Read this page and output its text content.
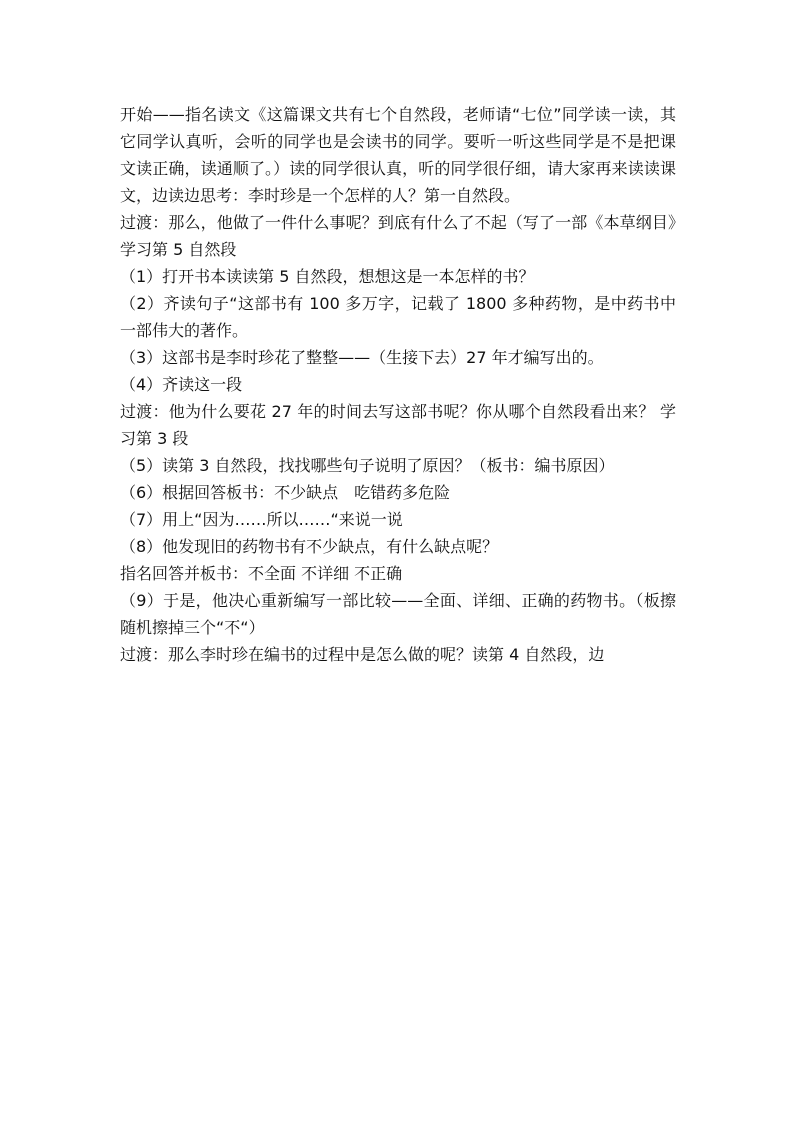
开始——指名读文《这篇课文共有七个自然段，老师请“七位”同学读一读，其它同学认真听，会听的同学也是会读书的同学。要听一听这些同学是不是把课文读正确，读通顺了。）读的同学很认真，听的同学很仔细，请大家再来读读课文，边读边思考：李时珍是一个怎样的人？第一自然段。

过渡：那么，他做了一件什么事呢？到底有什么了不起（写了一部《本草纲目》学习第 5 自然段

（1）打开书本读读第 5 自然段，想想这是一本怎样的书？

（2）齐读句子“这部书有 100 多万字，记载了 1800 多种药物，是中药书中一部伟大的著作。

（3）这部书是李时珍花了整整——（生接下去）27 年才编写出的。

（4）齐读这一段

过渡：他为什么要花 27 年的时间去写这部书呢？你从哪个自然段看出来？ 学习第 3 段

（5）读第 3 自然段，找找哪些句子说明了原因？（板书：编书原因）

（6）根据回答板书：不少缺点　吃错药多危险

（7）用上“因为……所以……“来说一说

（8）他发现旧的药物书有不少缺点，有什么缺点呢？

指名回答并板书：不全面 不详细 不正确

（9）于是，他决心重新编写一部比较——全面、详细、正确的药物书。（板擦随机擦掉三个“不“）

过渡：那么李时珍在编书的过程中是怎么做的呢？读第 4 自然段，边
